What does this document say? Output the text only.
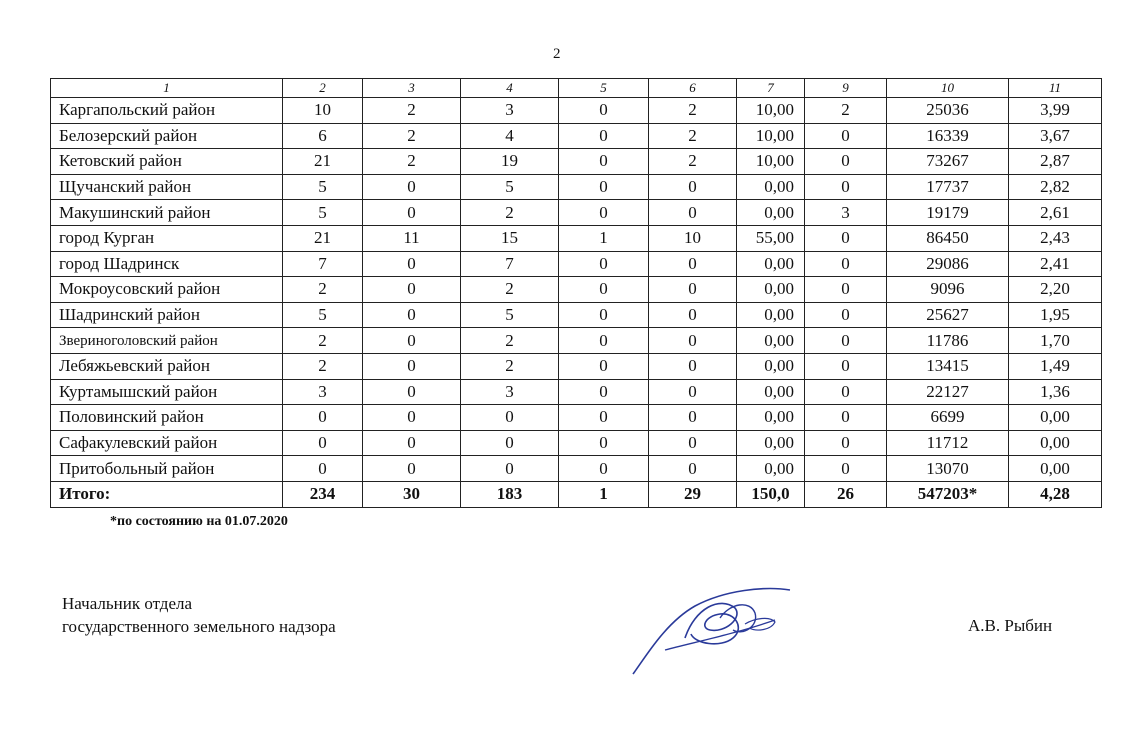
2
1	2	3	4	5	6	7	9	10	11
Каргапольский район	10	2	3	0	2	10,00	2	25036	3,99
Белозерский район	6	2	4	0	2	10,00	0	16339	3,67
Кетовский район	21	2	19	0	2	10,00	0	73267	2,87
Щучанский район	5	0	5	0	0	0,00	0	17737	2,82
Макушинский район	5	0	2	0	0	0,00	3	19179	2,61
город Курган	21	11	15	1	10	55,00	0	86450	2,43
город Шадринск	7	0	7	0	0	0,00	0	29086	2,41
Мокроусовский район	2	0	2	0	0	0,00	0	9096	2,20
Шадринский район	5	0	5	0	0	0,00	0	25627	1,95
Звериноголовский район	2	0	2	0	0	0,00	0	11786	1,70
Лебяжьевский район	2	0	2	0	0	0,00	0	13415	1,49
Куртамышский район	3	0	3	0	0	0,00	0	22127	1,36
Половинский район	0	0	0	0	0	0,00	0	6699	0,00
Сафакулевский район	0	0	0	0	0	0,00	0	11712	0,00
Притобольный район	0	0	0	0	0	0,00	0	13070	0,00
Итого:	234	30	183	1	29	150,0	26	547203*	4,28
*по состоянию на 01.07.2020
Начальник отдела
государственного земельного надзора	А.В. Рыбин
